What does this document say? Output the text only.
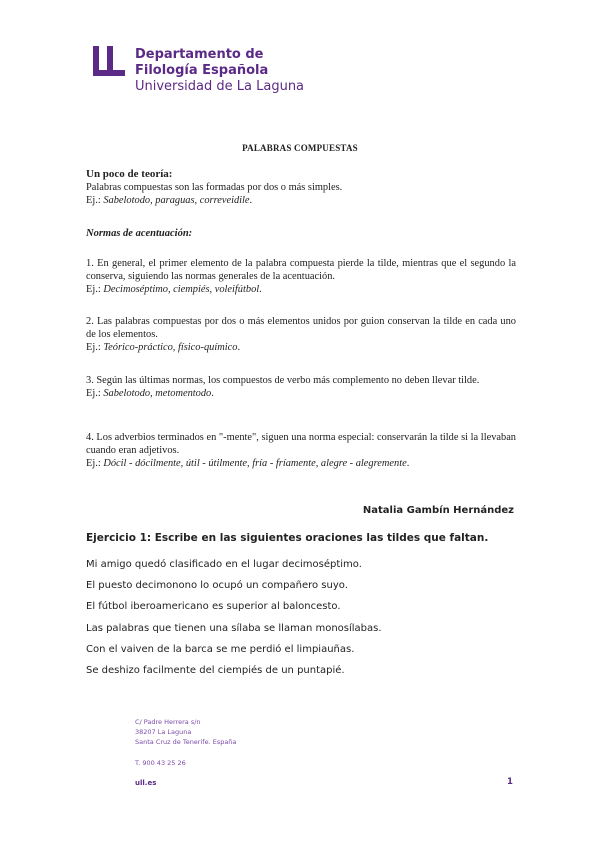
Departamento de
Filología Española
Universidad de La Laguna
PALABRAS COMPUESTAS

Un poco de teoría:

Palabras compuestas son las formadas por dos o más simples.

Ej.: Sabelotodo, paraguas, correveidile.

Normas de acentuación:

1. En general, el primer elemento de la palabra compuesta pierde la tilde, mientras que el segundo la conserva, siguiendo las normas generales de la acentuación.

Ej.: Decimoséptimo, ciempiés, voleifútbol.

2. Las palabras compuestas por dos o más elementos unidos por guion conservan la tilde en cada uno de los elementos.

Ej.: Teórico-práctico, físico-químico.

3. Según las últimas normas, los compuestos de verbo más complemento no deben llevar tilde.

Ej.: Sabelotodo, metomentodo.

4. Los adverbios terminados en "-mente", siguen una norma especial: conservarán la tilde si la llevaban cuando eran adjetivos.

Ej.: Dócil - dócilmente, útil - útilmente, fría - fríamente, alegre - alegremente.

Natalia Gambín Hernández
Ejercicio 1: Escribe en las siguientes oraciones las tildes que faltan.
Mi amigo quedó clasificado en el lugar decimoséptimo.
El puesto decimonono lo ocupó un compañero suyo.
El fútbol iberoamericano es superior al baloncesto.
Las palabras que tienen una sílaba se llaman monosílabas.
Con el vaiven de la barca se me perdió el limpiauñas.
Se deshizo facilmente del ciempiés de un puntapié.
C/ Padre Herrera s/n
38207 La Laguna
Santa Cruz de Tenerife. España
T. 900 43 25 26
ull.es	1
